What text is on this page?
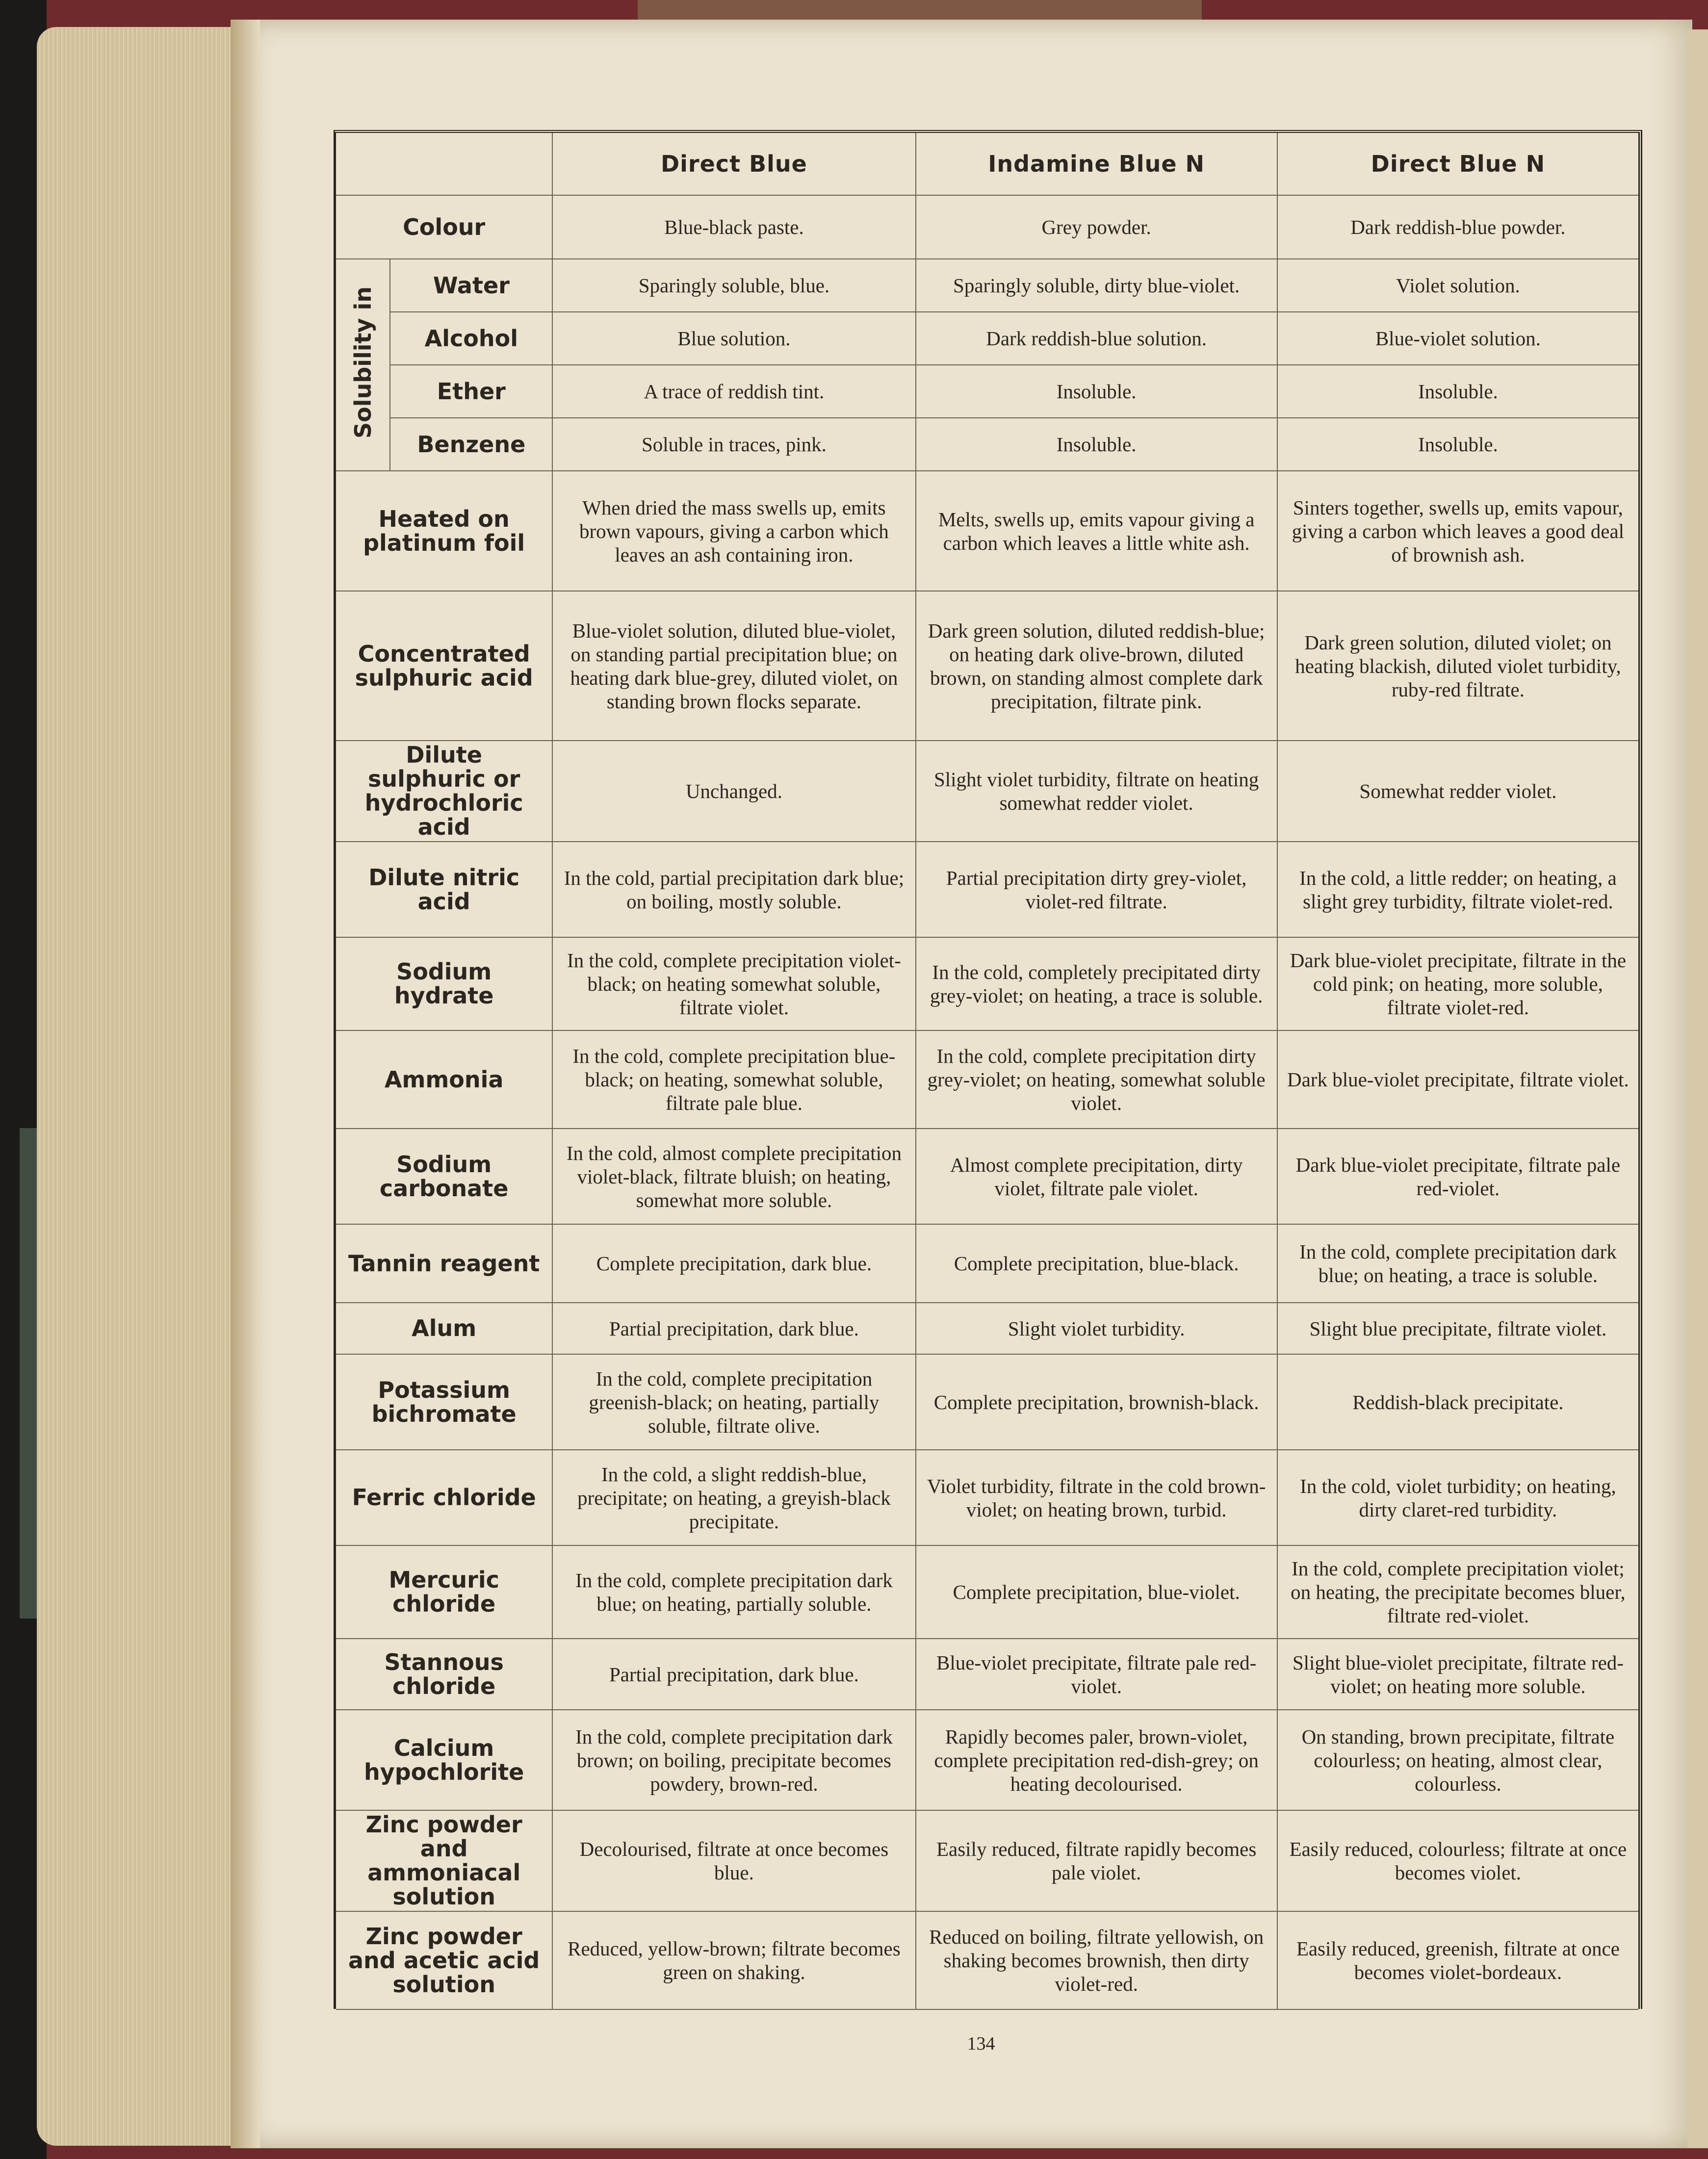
		Direct Blue	Indamine Blue N	Direct Blue N
Colour		Blue-black paste.	Grey powder.	Dark reddish-blue powder.
Solubility in	Water	Sparingly soluble, blue.	Sparingly soluble, dirty blue-violet.	Violet solution.
	Alcohol	Blue solution.	Dark reddish-blue solution.	Blue-violet solution.
	Ether	A trace of reddish tint.	Insoluble.	Insoluble.
	Benzene	Soluble in traces, pink.	Insoluble.	Insoluble.
Heated on platinum foil		When dried the mass swells up, emits brown vapours, giving a carbon which leaves an ash containing iron.	Melts, swells up, emits vapour giving a carbon which leaves a little white ash.	Sinters together, swells up, emits vapour, giving a carbon which leaves a good deal of brownish ash.
Concentrated sulphuric acid		Blue-violet solution, diluted blue-violet, on standing partial precipitation blue; on heating dark blue-grey, diluted violet, on standing brown flocks separate.	Dark green solution, diluted reddish-blue; on heating dark olive-brown, diluted brown, on standing almost complete dark precipitation, filtrate pink.	Dark green solution, diluted violet; on heating blackish, diluted violet turbidity, ruby-red filtrate.
Dilute sulphuric or hydrochloric acid		Unchanged.	Slight violet turbidity, filtrate on heating somewhat redder violet.	Somewhat redder violet.
Dilute nitric acid		In the cold, partial precipitation dark blue; on boiling, mostly soluble.	Partial precipitation dirty grey-violet, violet-red filtrate.	In the cold, a little redder; on heating, a slight grey turbidity, filtrate violet-red.
Sodium hydrate		In the cold, complete precipitation violet-black; on heating somewhat soluble, filtrate violet.	In the cold, completely precipitated dirty grey-violet; on heating, a trace is soluble.	Dark blue-violet precipitate, filtrate in the cold pink; on heating, more soluble, filtrate violet-red.
Ammonia		In the cold, complete precipitation blue-black; on heating, somewhat soluble, filtrate pale blue.	In the cold, complete precipitation dirty grey-violet; on heating, somewhat soluble violet.	Dark blue-violet precipitate, filtrate violet.
Sodium carbonate		In the cold, almost complete precipitation violet-black, filtrate bluish; on heating, somewhat more soluble.	Almost complete precipitation, dirty violet, filtrate pale violet.	Dark blue-violet precipitate, filtrate pale red-violet.
Tannin reagent		Complete precipitation, dark blue.	Complete precipitation, blue-black.	In the cold, complete precipitation dark blue; on heating, a trace is soluble.
Alum		Partial precipitation, dark blue.	Slight violet turbidity.	Slight blue precipitate, filtrate violet.
Potassium bichromate		In the cold, complete precipitation greenish-black; on heating, partially soluble, filtrate olive.	Complete precipitation, brownish-black.	Reddish-black precipitate.
Ferric chloride		In the cold, a slight reddish-blue, precipitate; on heating, a greyish-black precipitate.	Violet turbidity, filtrate in the cold brown-violet; on heating brown, turbid.	In the cold, violet turbidity; on heating, dirty claret-red turbidity.
Mercuric chloride		In the cold, complete precipitation dark blue; on heating, partially soluble.	Complete precipitation, blue-violet.	In the cold, complete precipitation violet; on heating, the precipitate becomes bluer, filtrate red-violet.
Stannous chloride		Partial precipitation, dark blue.	Blue-violet precipitate, filtrate pale red-violet.	Slight blue-violet precipitate, filtrate red-violet; on heating more soluble.
Calcium hypochlorite		In the cold, complete precipitation dark brown; on boiling, precipitate becomes powdery, brown-red.	Rapidly becomes paler, brown-violet, complete precipitation red-dish-grey; on heating decolourised.	On standing, brown precipitate, filtrate colourless; on heating, almost clear, colourless.
Zinc powder and ammoniacal solution		Decolourised, filtrate at once becomes blue.	Easily reduced, filtrate rapidly becomes pale violet.	Easily reduced, colourless; filtrate at once becomes violet.
Zinc powder and acetic acid solution		Reduced, yellow-brown; filtrate becomes green on shaking.	Reduced on boiling, filtrate yellowish, on shaking becomes brownish, then dirty violet-red.	Easily reduced, greenish, filtrate at once becomes violet-bordeaux.
134
